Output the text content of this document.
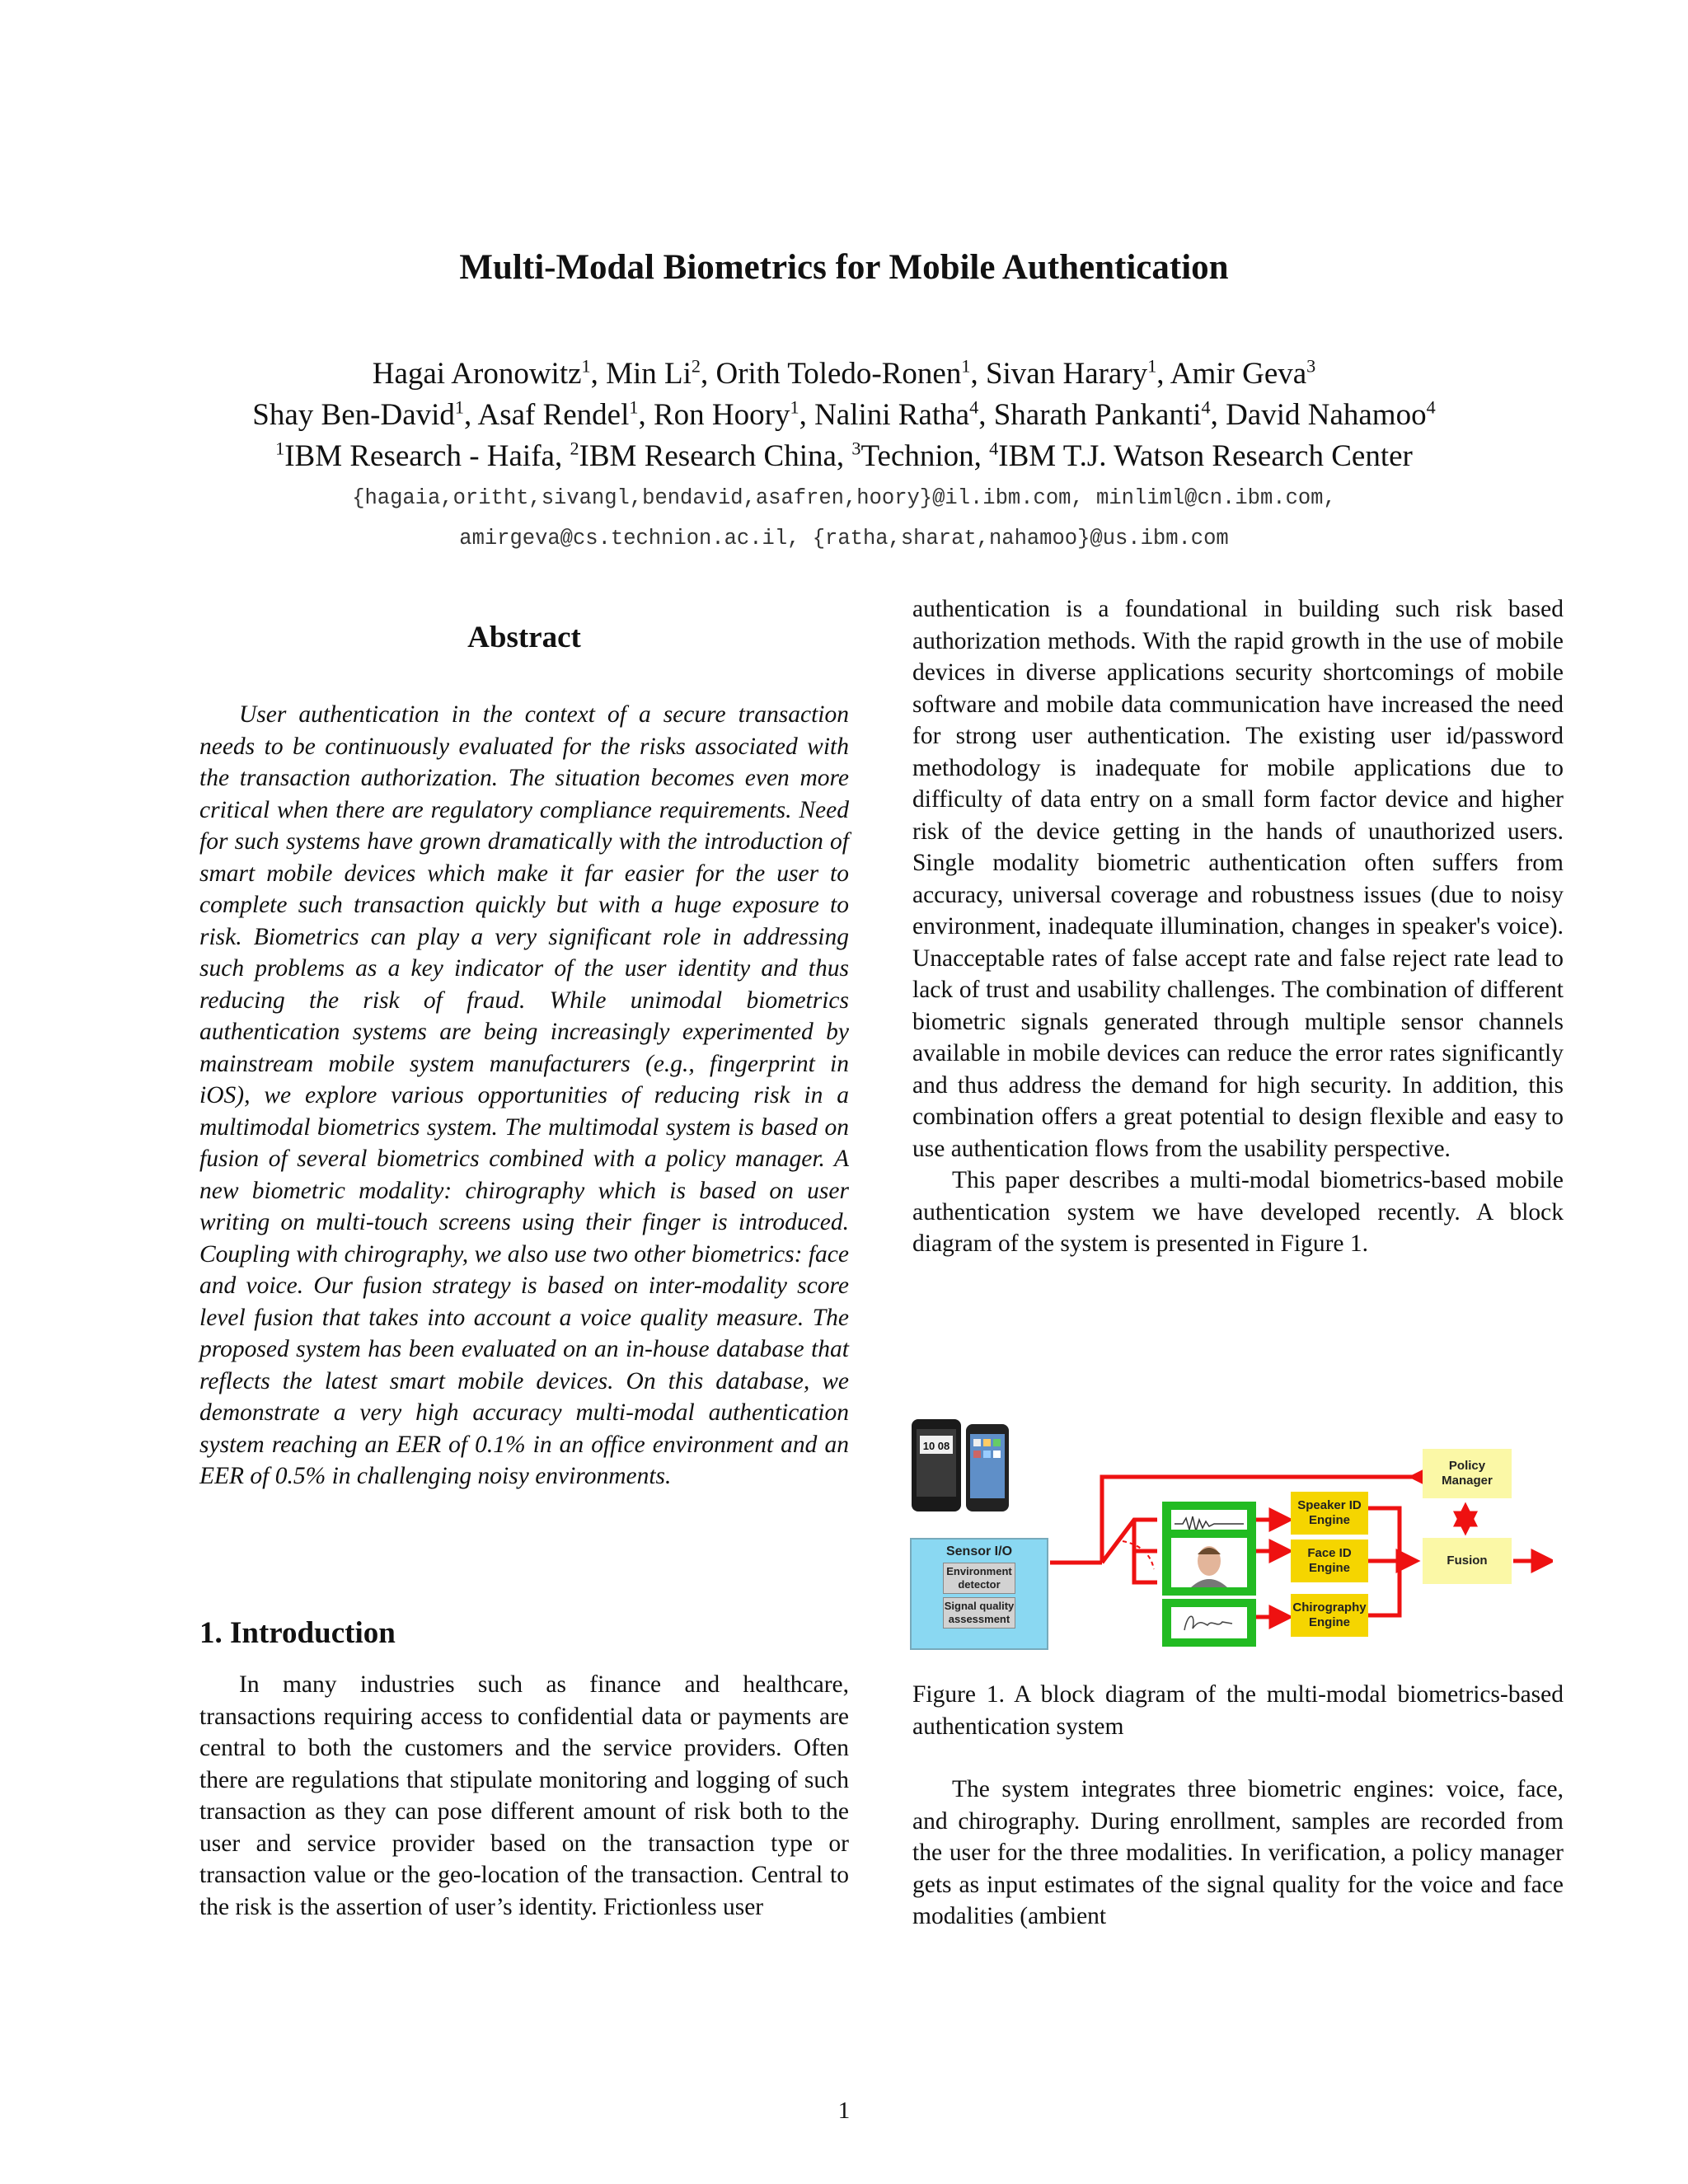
Multi-Modal Biometrics for Mobile Authentication
Hagai Aronowitz$^1$, Min Li$^2$, Orith Toledo-Ronen$^1$, Sivan Harary$^1$, Amir Geva$^3$
Shay Ben-David$^1$, Asaf Rendel$^1$, Ron Hoory$^1$, Nalini Ratha$^4$, Sharath Pankanti$^4$, David Nahamoo$^4$
$^1$IBM Research - Haifa, $^2$IBM Research China, $^3$Technion, $^4$IBM T.J. Watson Research Center
{hagaia,oritht,sivangl,bendavid,asafren,hoory}@il.ibm.com, minliml@cn.ibm.com,
amirgeva@cs.technion.ac.il, {ratha,sharat,nahamoo}@us.ibm.com
Abstract

User authentication in the context of a secure transaction needs to be continuously evaluated for the risks associated with the transaction authorization. The situation becomes even more critical when there are regulatory compliance requirements. Need for such systems have grown dramatically with the introduction of smart mobile devices which make it far easier for the user to complete such transaction quickly but with a huge exposure to risk. Biometrics can play a very significant role in addressing such problems as a key indicator of the user identity and thus reducing the risk of fraud. While unimodal biometrics authentication systems are being increasingly experimented by mainstream mobile system manufacturers (e.g., fingerprint in iOS), we explore various opportunities of reducing risk in a multimodal biometrics system. The multimodal system is based on fusion of several biometrics combined with a policy manager. A new biometric modality: chirography which is based on user writing on multi-touch screens using their finger is introduced. Coupling with chirography, we also use two other biometrics: face and voice. Our fusion strategy is based on inter-modality score level fusion that takes into account a voice quality measure. The proposed system has been evaluated on an in-house database that reflects the latest smart mobile devices. On this database, we demonstrate a very high accuracy multi-modal authentication system reaching an EER of 0.1% in an office environment and an EER of 0.5% in challenging noisy environments.

1. Introduction

In many industries such as finance and healthcare, transactions requiring access to confidential data or payments are central to both the customers and the service providers. Often there are regulations that stipulate monitoring and logging of such transaction as they can pose different amount of risk both to the user and service provider based on the transaction type or transaction value or the geo-location of the transaction. Central to the risk is the assertion of user’s identity. Frictionless user

authentication is a foundational in building such risk based authorization methods. With the rapid growth in the use of mobile devices in diverse applications security shortcomings of mobile software and mobile data communication have increased the need for strong user authentication. The existing user id/password methodology is inadequate for mobile applications due to difficulty of data entry on a small form factor device and higher risk of the device getting in the hands of unauthorized users. Single modality biometric authentication often suffers from accuracy, universal coverage and robustness issues (due to noisy environment, inadequate illumination, changes in speaker's voice). Unacceptable rates of false accept rate and false reject rate lead to lack of trust and usability challenges. The combination of different biometric signals generated through multiple sensor channels available in mobile devices can reduce the error rates significantly and thus address the demand for high security. In addition, this combination offers a great potential to design flexible and easy to use authentication flows from the usability perspective.

This paper describes a multi-modal biometrics-based mobile authentication system we have developed recently. A block diagram of the system is presented in Figure 1.

10 08
Sensor I/O
Environment detector
Signal quality assessment
Speaker ID Engine
Face ID Engine
Chirography Engine
Policy Manager
Fusion

Figure 1. A block diagram of the multi-modal biometrics-based authentication system

The system integrates three biometric engines: voice, face, and chirography. During enrollment, samples are recorded from the user for the three modalities. In verification, a policy manager gets as input estimates of the signal quality for the voice and face modalities (ambient

1
